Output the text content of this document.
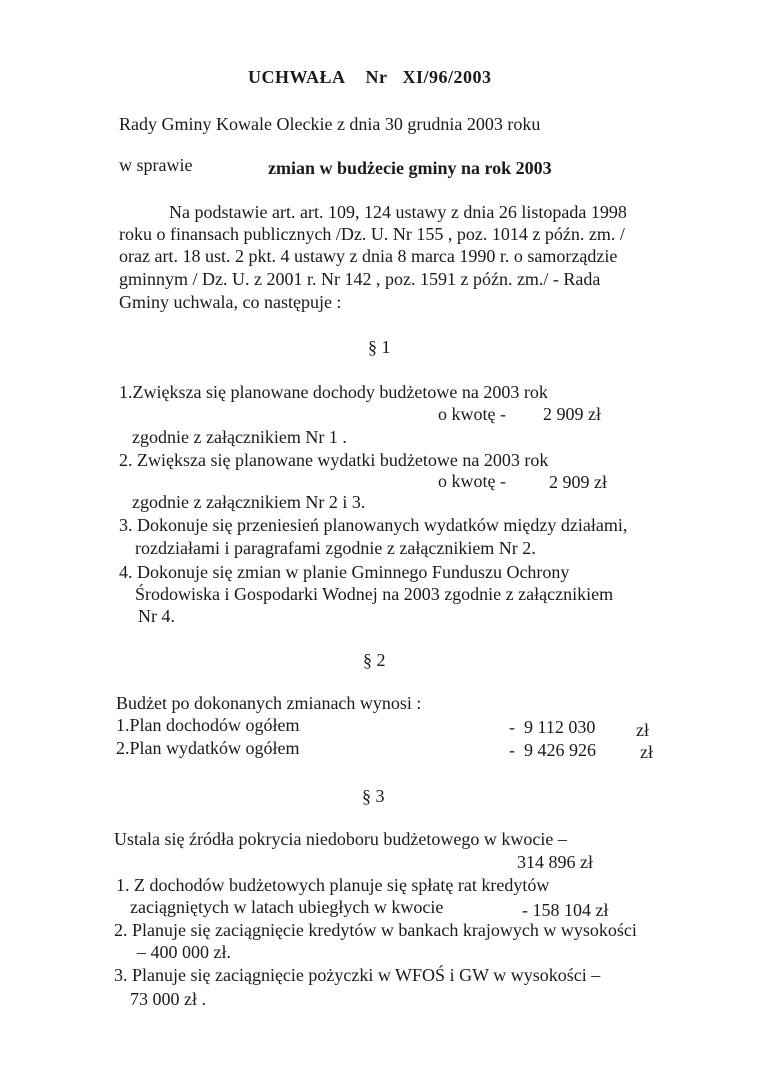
UCHWAŁA Nr XI/96/2003
Rady Gminy Kowale Oleckie z dnia 30 grudnia 2003 roku
w sprawie	zmian w budżecie gminy na rok 2003
Na podstawie art. art. 109, 124 ustawy z dnia 26 listopada 1998
roku o finansach publicznych /Dz. U. Nr 155 , poz. 1014 z późn. zm. /
oraz art. 18 ust. 2 pkt. 4 ustawy z dnia 8 marca 1990 r. o samorządzie
gminnym / Dz. U. z 2001 r. Nr 142 , poz. 1591 z późn. zm./ - Rada
Gminy uchwala, co następuje :
§ 1
1.Zwiększa się planowane dochody budżetowe na 2003 rok
o kwotę - 2 909 zł
zgodnie z załącznikiem Nr 1 .
2. Zwiększa się planowane wydatki budżetowe na 2003 rok
o kwotę - 2 909 zł
zgodnie z załącznikiem Nr 2 i 3.
3. Dokonuje się przeniesień planowanych wydatków między działami,
rozdziałami i paragrafami zgodnie z załącznikiem Nr 2.
4. Dokonuje się zmian w planie Gminnego Funduszu Ochrony
Środowiska i Gospodarki Wodnej na 2003 zgodnie z załącznikiem
Nr 4.
§ 2
Budżet po dokonanych zmianach wynosi :
1.Plan dochodów ogółem	- 9 112 030 zł
2.Plan wydatków ogółem	- 9 426 926 zł
§ 3
Ustala się źródła pokrycia niedoboru budżetowego w kwocie –
314 896 zł
1. Z dochodów budżetowych planuje się spłatę rat kredytów
zaciągniętych w latach ubiegłych w kwocie	- 158 104 zł
2. Planuje się zaciągnięcie kredytów w bankach krajowych w wysokości
– 400 000 zł.
3. Planuje się zaciągnięcie pożyczki w WFOŚ i GW w wysokości –
73 000 zł .
